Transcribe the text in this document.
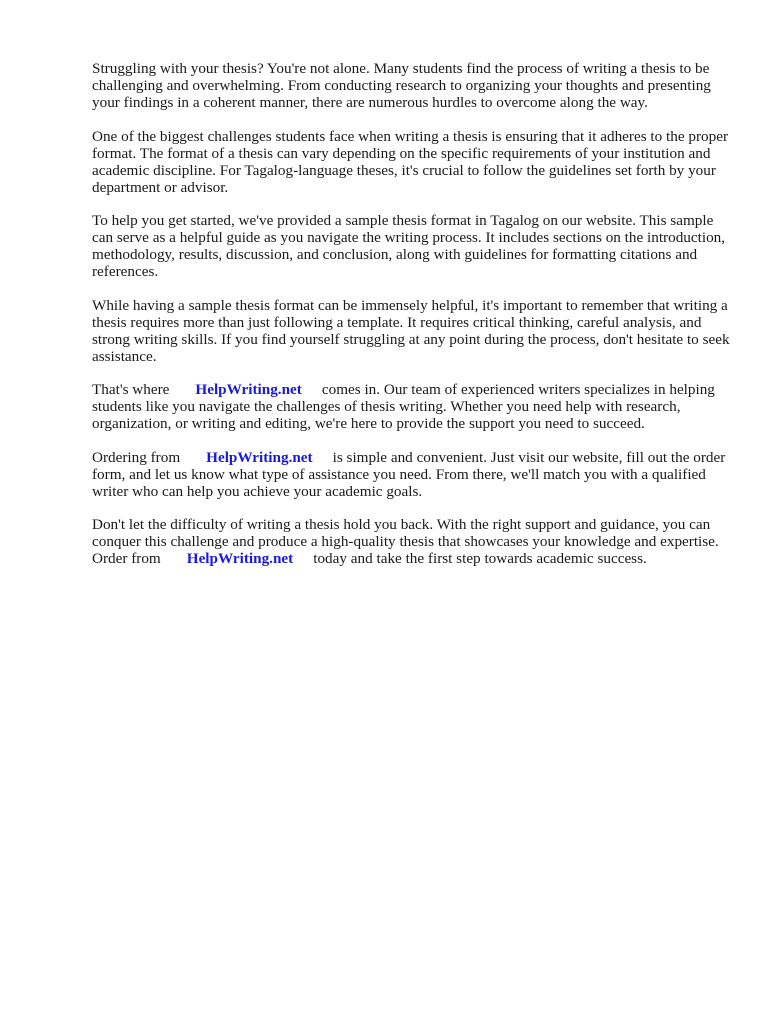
Struggling with your thesis? You're not alone. Many students find the process of writing a thesis to be challenging and overwhelming. From conducting research to organizing your thoughts and presenting your findings in a coherent manner, there are numerous hurdles to overcome along the way.

One of the biggest challenges students face when writing a thesis is ensuring that it adheres to the proper format. The format of a thesis can vary depending on the specific requirements of your institution and academic discipline. For Tagalog-language theses, it's crucial to follow the guidelines set forth by your department or advisor.

To help you get started, we've provided a sample thesis format in Tagalog on our website. This sample can serve as a helpful guide as you navigate the writing process. It includes sections on the introduction, methodology, results, discussion, and conclusion, along with guidelines for formatting citations and references.

While having a sample thesis format can be immensely helpful, it's important to remember that writing a thesis requires more than just following a template. It requires critical thinking, careful analysis, and strong writing skills. If you find yourself struggling at any point during the process, don't hesitate to seek assistance.

That's where HelpWriting.net comes in. Our team of experienced writers specializes in helping students like you navigate the challenges of thesis writing. Whether you need help with research, organization, or writing and editing, we're here to provide the support you need to succeed.

Ordering from HelpWriting.net is simple and convenient. Just visit our website, fill out the order form, and let us know what type of assistance you need. From there, we'll match you with a qualified writer who can help you achieve your academic goals.

Don't let the difficulty of writing a thesis hold you back. With the right support and guidance, you can conquer this challenge and produce a high-quality thesis that showcases your knowledge and expertise. Order from HelpWriting.net today and take the first step towards academic success.
